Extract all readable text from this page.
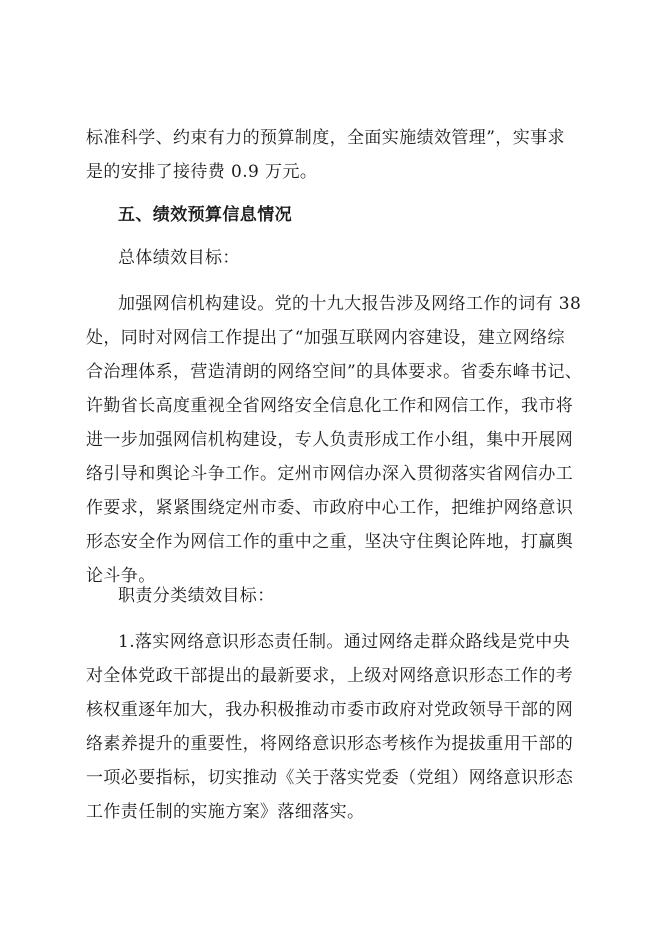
标准科学、约束有力的预算制度，全面实施绩效管理”，实事求
是的安排了接待费 0.9 万元。
五、绩效预算信息情况
总体绩效目标：
加强网信机构建设。党的十九大报告涉及网络工作的词有 38
处，同时对网信工作提出了“加强互联网内容建设，建立网络综
合治理体系，营造清朗的网络空间”的具体要求。省委东峰书记、
许勤省长高度重视全省网络安全信息化工作和网信工作，我市将
进一步加强网信机构建设，专人负责形成工作小组，集中开展网
络引导和舆论斗争工作。定州市网信办深入贯彻落实省网信办工
作要求，紧紧围绕定州市委、市政府中心工作，把维护网络意识
形态安全作为网信工作的重中之重，坚决守住舆论阵地，打赢舆
论斗争。
职责分类绩效目标：
1.落实网络意识形态责任制。通过网络走群众路线是党中央
对全体党政干部提出的最新要求，上级对网络意识形态工作的考
核权重逐年加大，我办积极推动市委市政府对党政领导干部的网
络素养提升的重要性，将网络意识形态考核作为提拔重用干部的
一项必要指标，切实推动《关于落实党委（党组）网络意识形态
工作责任制的实施方案》落细落实。
